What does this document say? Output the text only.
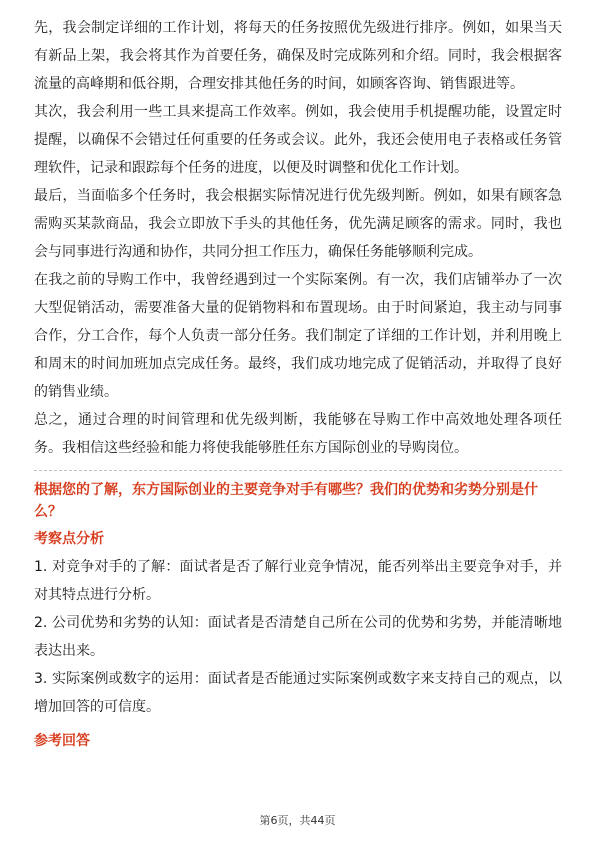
先，我会制定详细的工作计划，将每天的任务按照优先级进行排序。例如，如果当天有新品上架，我会将其作为首要任务，确保及时完成陈列和介绍。同时，我会根据客流量的高峰期和低谷期，合理安排其他任务的时间，如顾客咨询、销售跟进等。

其次，我会利用一些工具来提高工作效率。例如，我会使用手机提醒功能，设置定时提醒，以确保不会错过任何重要的任务或会议。此外，我还会使用电子表格或任务管理软件，记录和跟踪每个任务的进度，以便及时调整和优化工作计划。

最后，当面临多个任务时，我会根据实际情况进行优先级判断。例如，如果有顾客急需购买某款商品，我会立即放下手头的其他任务，优先满足顾客的需求。同时，我也会与同事进行沟通和协作，共同分担工作压力，确保任务能够顺利完成。

在我之前的导购工作中，我曾经遇到过一个实际案例。有一次，我们店铺举办了一次大型促销活动，需要准备大量的促销物料和布置现场。由于时间紧迫，我主动与同事合作，分工合作，每个人负责一部分任务。我们制定了详细的工作计划，并利用晚上和周末的时间加班加点完成任务。最终，我们成功地完成了促销活动，并取得了良好的销售业绩。

总之，通过合理的时间管理和优先级判断，我能够在导购工作中高效地处理各项任务。我相信这些经验和能力将使我能够胜任东方国际创业的导购岗位。

根据您的了解，东方国际创业的主要竞争对手有哪些？我们的优势和劣势分别是什么？

考察点分析

1. 对竞争对手的了解：面试者是否了解行业竞争情况，能否列举出主要竞争对手，并对其特点进行分析。

2. 公司优势和劣势的认知：面试者是否清楚自己所在公司的优势和劣势，并能清晰地表达出来。

3. 实际案例或数字的运用：面试者是否能通过实际案例或数字来支持自己的观点，以增加回答的可信度。

参考回答

第6页，共44页
